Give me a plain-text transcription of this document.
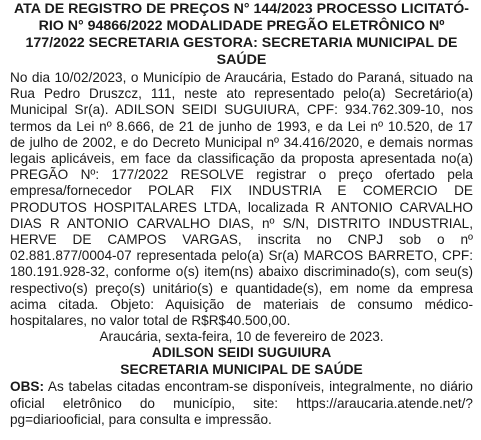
ATA DE REGISTRO DE PREÇOS N° 144/2023 PROCESSO LICITATÓ-RIO N° 94866/2022 MODALIDADE PREGÃO ELETRÔNICO Nº 177/2022 SECRETARIA GESTORA: SECRETARIA MUNICIPAL DE SAÚDE

No dia 10/02/2023, o Município de Araucária, Estado do Paraná, situado na Rua Pedro Druszcz, 111, neste ato representado pelo(a) Secretário(a) Municipal Sr(a). ADILSON SEIDI SUGUIURA, CPF: 934.762.309-10, nos termos da Lei nº 8.666, de 21 de junho de 1993, e da Lei nº 10.520, de 17 de julho de 2002, e do Decreto Municipal nº 34.416/2020, e demais normas legais aplicáveis, em face da classificação da proposta apresentada no(a) PREGÃO Nº: 177/2022 RESOLVE registrar o preço ofertado pela empresa/fornecedor POLAR FIX INDUSTRIA E COMERCIO DE PRODUTOS HOSPITALARES LTDA, localizada R ANTONIO CARVALHO DIAS R ANTONIO CARVALHO DIAS, nº S/N, DISTRITO INDUSTRIAL, HERVE DE CAMPOS VARGAS, inscrita no CNPJ sob o nº 02.881.877/0004-07 representada pelo(a) Sr(a) MARCOS BARRETO, CPF: 180.191.928-32, conforme o(s) item(ns) abaixo discriminado(s), com seu(s) respectivo(s) preço(s) unitário(s) e quantidade(s), em nome da empresa acima citada. Objeto: Aquisição de materiais de consumo médico-hospitalares, no valor total de R$R$40.500,00.

Araucária, sexta-feira, 10 de fevereiro de 2023.

ADILSON SEIDI SUGUIURA

SECRETARIA MUNICIPAL DE SAÚDE

OBS: As tabelas citadas encontram-se disponíveis, integralmente, no diário oficial eletrônico do município, site: https://araucaria.atende.net/?pg=diariooficial, para consulta e impressão.
